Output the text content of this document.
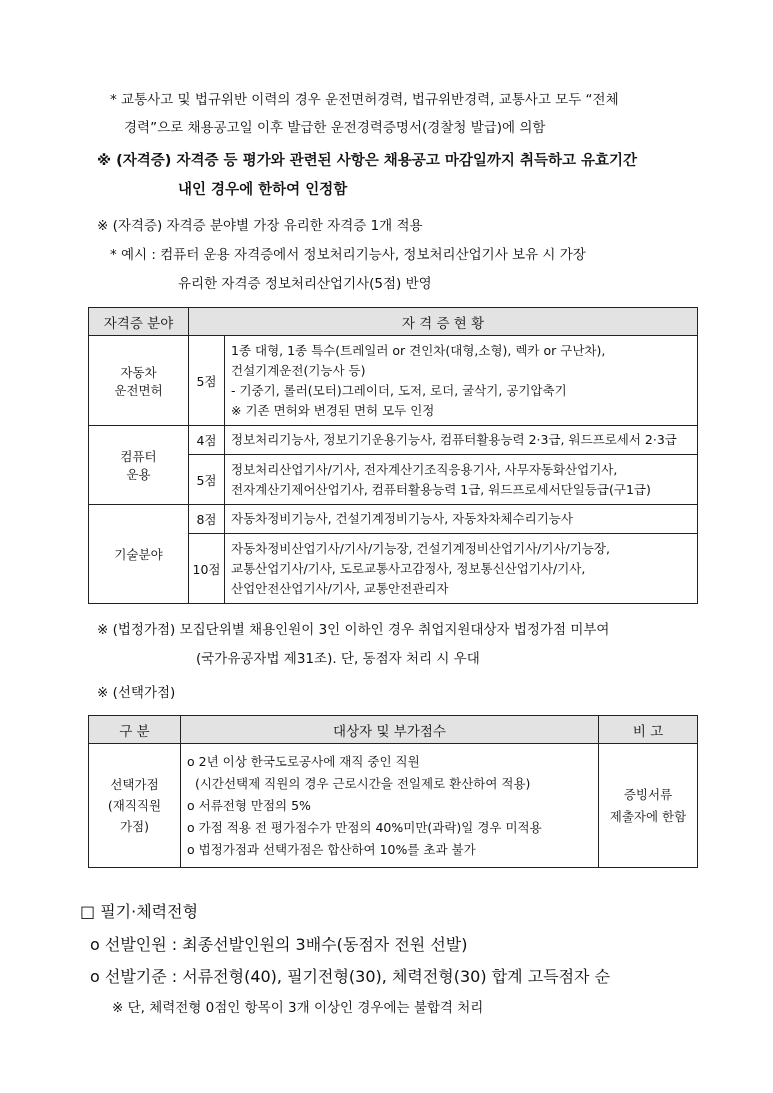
* 교통사고 및 법규위반 이력의 경우 운전면허경력, 법규위반경력, 교통사고 모두 “전체
경력”으로 채용공고일 이후 발급한 운전경력증명서(경찰청 발급)에 의함
※ (자격증) 자격증 등 평가와 관련된 사항은 채용공고 마감일까지 취득하고 유효기간
내인 경우에 한하여 인정함
※ (자격증) 자격증 분야별 가장 유리한 자격증 1개 적용
* 예시 : 컴퓨터 운용 자격증에서 정보처리기능사, 정보처리산업기사 보유 시 가장
유리한 자격증 정보처리산업기사(5점) 반영
자격증 분야	자 격 증 현 황	

자동차
운전면허	5점	1종 대형, 1종 특수(트레일러 or 견인차(대형,소형), 렉카 or 구난차),
건설기계운전(기능사 등)
- 기중기, 롤러(모터)그레이더, 도저, 로더, 굴삭기, 공기압축기
※ 기존 면허와 변경된 면허 모두 인정

컴퓨터
운용	4점	정보처리기능사, 정보기기운용기능사, 컴퓨터활용능력 2·3급, 워드프로세서 2·3급
	5점	정보처리산업기사/기사, 전자계산기조직응용기사, 사무자동화산업기사,
전자계산기제어산업기사, 컴퓨터활용능력 1급, 워드프로세서단일등급(구1급)

기술분야	8점	자동차정비기능사, 건설기계정비기능사, 자동차차체수리기능사
	10점	자동차정비산업기사/기사/기능장, 건설기계정비산업기사/기사/기능장,
교통산업기사/기사, 도로교통사고감정사, 정보통신산업기사/기사,
산업안전산업기사/기사, 교통안전관리자
※ (법정가점) 모집단위별 채용인원이 3인 이하인 경우 취업지원대상자 법정가점 미부여
(국가유공자법 제31조). 단, 동점자 처리 시 우대
※ (선택가점)
구 분	대상자 및 부가점수	비 고

선택가점
(재직직원
가점)	o 2년 이상 한국도로공사에 재직 중인 직원
(시간선택제 직원의 경우 근로시간을 전일제로 환산하여 적용)
o 서류전형 만점의 5%
o 가점 적용 전 평가점수가 만점의 40%미만(과락)일 경우 미적용
o 법정가점과 선택가점은 합산하여 10%를 초과 불가	증빙서류
제출자에 한함
□ 필기·체력전형
o 선발인원 : 최종선발인원의 3배수(동점자 전원 선발)
o 선발기준 : 서류전형(40), 필기전형(30), 체력전형(30) 합계 고득점자 순
※ 단, 체력전형 0점인 항목이 3개 이상인 경우에는 불합격 처리
